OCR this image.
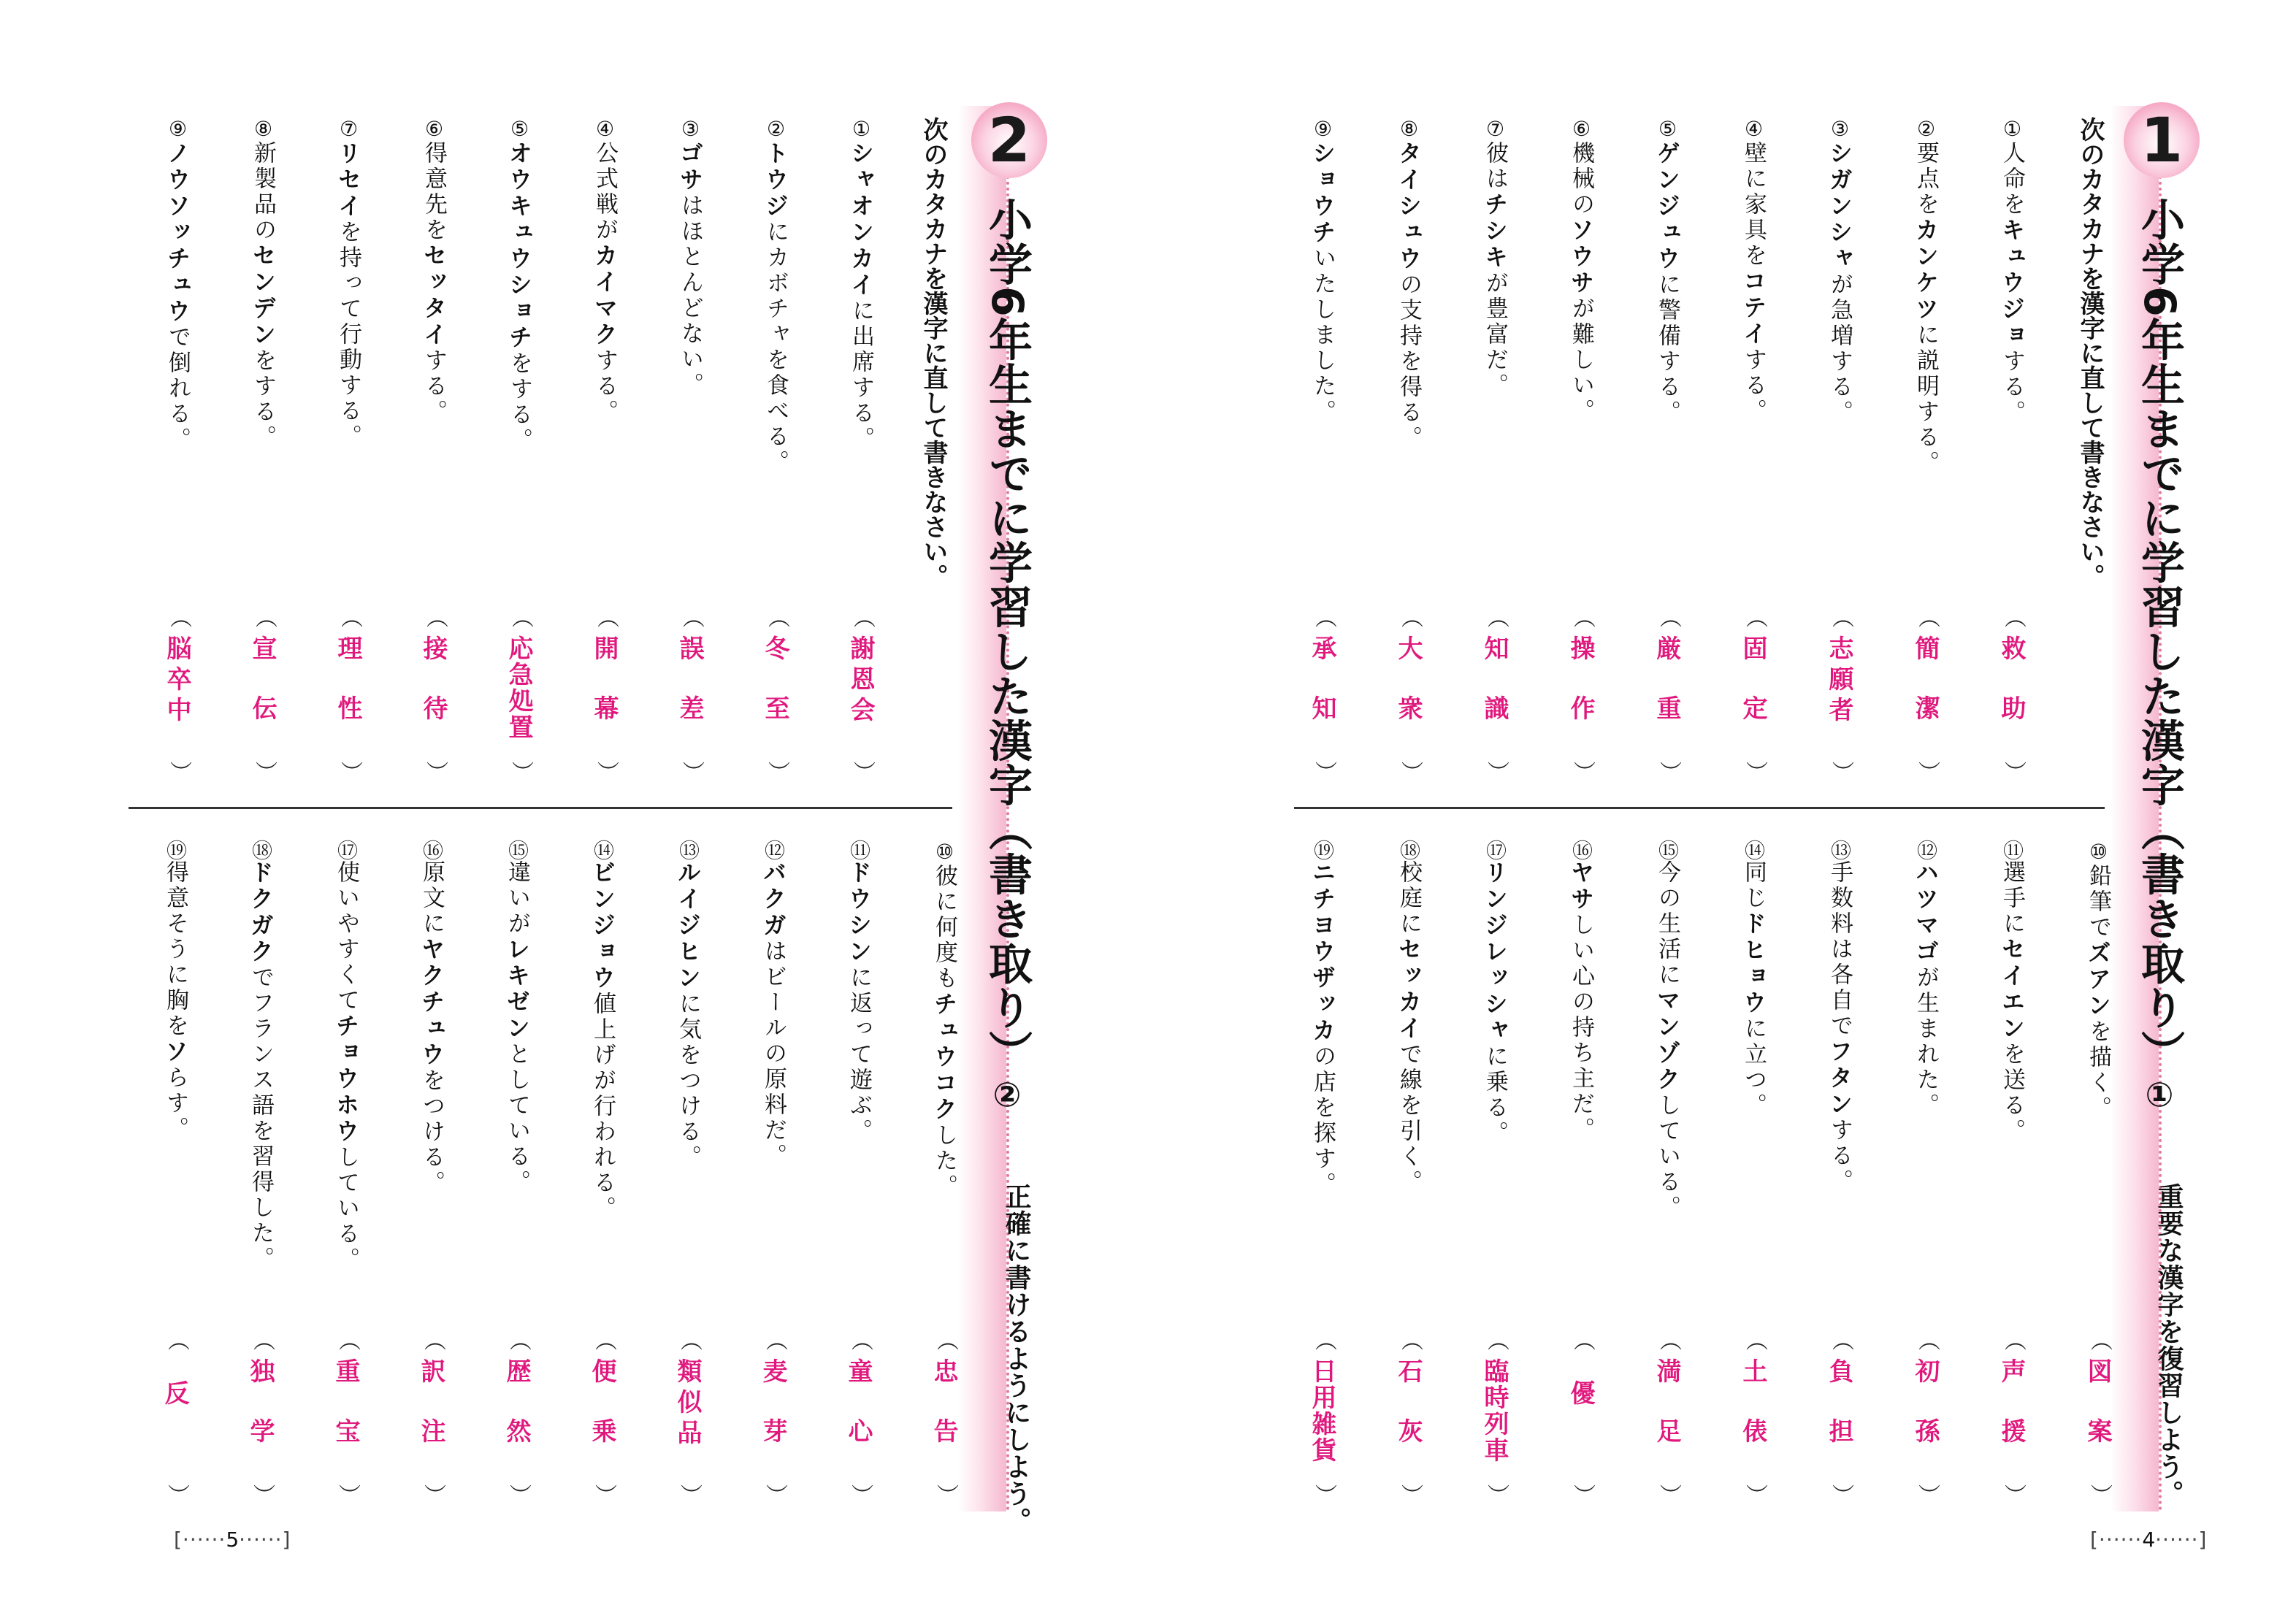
2
小学6年生までに学習した漢字（書き取り）②
正確に書けるようにしよう。
次のカタカナを漢字に直して書きなさい。
①シャオンカイに出席する。
︵
謝恩会
︶
②トウジにカボチャを食べる。
︵
冬至
︶
③ゴサはほとんどない。
︵
誤差
︶
④公式戦がカイマクする。
︵
開幕
︶
⑤オウキュウショチをする。
︵
応急処置
︶
⑥得意先をセッタイする。
︵
接待
︶
⑦リセイを持って行動する。
︵
理性
︶
⑧新製品のセンデンをする。
︵
宣伝
︶
⑨ノウソッチュウで倒れる。
︵
脳卒中
︶
⑩彼に何度もチュウコクした。
︵
忠告
︶
⑪ドウシンに返って遊ぶ。
︵
童心
︶
⑫バクガはビールの原料だ。
︵
麦芽
︶
⑬ルイジヒンに気をつける。
︵
類似品
︶
⑭ビンジョウ値上げが行われる。
︵
便乗
︶
⑮違いがレキゼンとしている。
︵
歴然
︶
⑯原文にヤクチュウをつける。
︵
訳注
︶
⑰使いやすくてチョウホウしている。
︵
重宝
︶
⑱ドクガクでフランス語を習得した。
︵
独学
︶
⑲得意そうに胸をソらす。
︵
反
︶
[······5······]
1
小学6年生までに学習した漢字（書き取り）①
重要な漢字を復習しよう。
次のカタカナを漢字に直して書きなさい。
①人命をキュウジョする。
︵
救助
︶
②要点をカンケツに説明する。
︵
簡潔
︶
③シガンシャが急増する。
︵
志願者
︶
④壁に家具をコテイする。
︵
固定
︶
⑤ゲンジュウに警備する。
︵
厳重
︶
⑥機械のソウサが難しい。
︵
操作
︶
⑦彼はチシキが豊富だ。
︵
知識
︶
⑧タイシュウの支持を得る。
︵
大衆
︶
⑨ショウチいたしました。
︵
承知
︶
⑩鉛筆でズアンを描く。
︵
図案
︶
⑪選手にセイエンを送る。
︵
声援
︶
⑫ハツマゴが生まれた。
︵
初孫
︶
⑬手数料は各自でフタンする。
︵
負担
︶
⑭同じドヒョウに立つ。
︵
土俵
︶
⑮今の生活にマンゾクしている。
︵
満足
︶
⑯ヤサしい心の持ち主だ。
︵
優
︶
⑰リンジレッシャに乗る。
︵
臨時列車
︶
⑱校庭にセッカイで線を引く。
︵
石灰
︶
⑲ニチヨウザッカの店を探す。
︵
日用雑貨
︶
[······4······]
